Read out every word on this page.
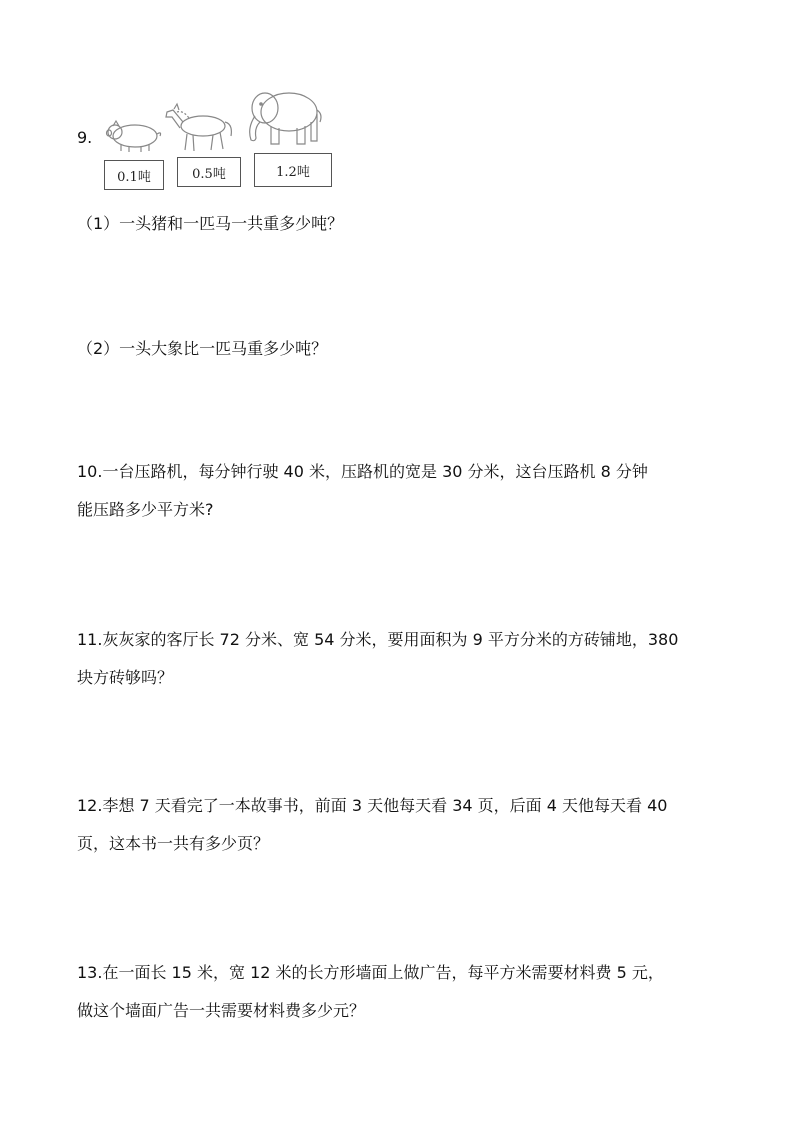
9.
0.1吨	0.5吨	1.2吨
（1）一头猪和一匹马一共重多少吨？
（2）一头大象比一匹马重多少吨？
10.一台压路机，每分钟行驶 40 米，压路机的宽是 30 分米，这台压路机 8 分钟
能压路多少平方米?
11.灰灰家的客厅长 72 分米、宽 54 分米，要用面积为 9 平方分米的方砖铺地，380
块方砖够吗？
12.李想 7 天看完了一本故事书，前面 3 天他每天看 34 页，后面 4 天他每天看 40
页，这本书一共有多少页？
13.在一面长 15 米，宽 12 米的长方形墙面上做广告，每平方米需要材料费 5 元，
做这个墙面广告一共需要材料费多少元？
